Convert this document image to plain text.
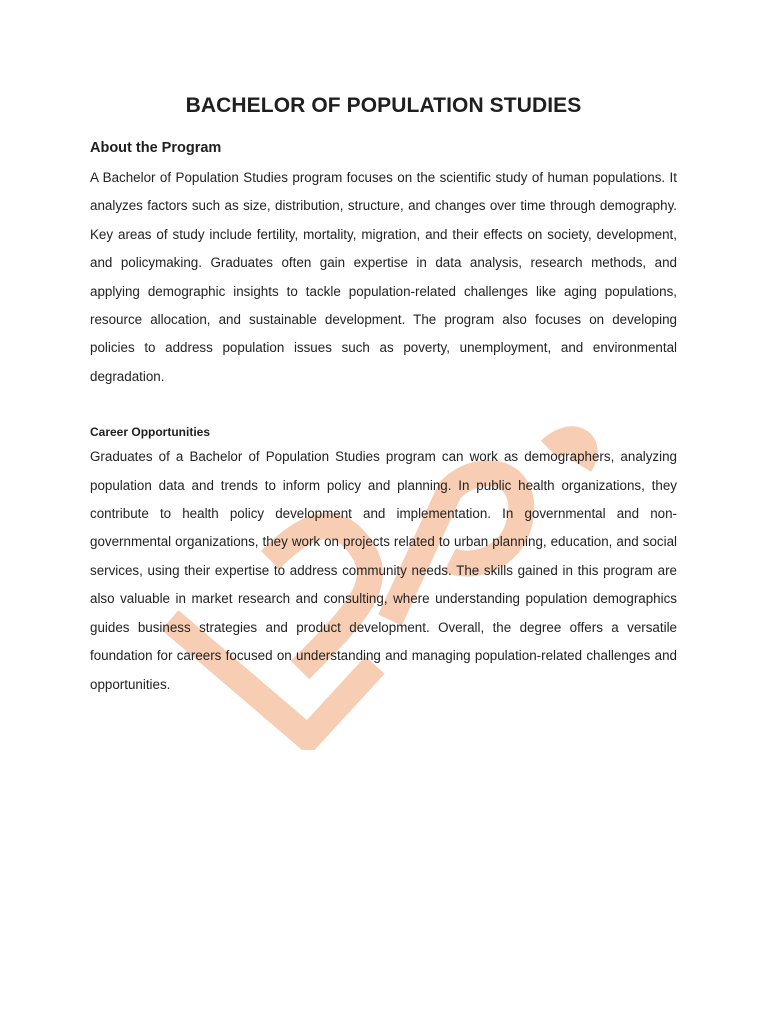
BACHELOR OF POPULATION STUDIES
About the Program

A Bachelor of Population Studies program focuses on the scientific study of human populations. It analyzes factors such as size, distribution, structure, and changes over time through demography. Key areas of study include fertility, mortality, migration, and their effects on society, development, and policymaking. Graduates often gain expertise in data analysis, research methods, and applying demographic insights to tackle population-related challenges like aging populations, resource allocation, and sustainable development. The program also focuses on developing policies to address population issues such as poverty, unemployment, and environmental degradation.

Career Opportunities

Graduates of a Bachelor of Population Studies program can work as demographers, analyzing population data and trends to inform policy and planning. In public health organizations, they contribute to health policy development and implementation. In governmental and non-governmental organizations, they work on projects related to urban planning, education, and social services, using their expertise to address community needs. The skills gained in this program are also valuable in market research and consulting, where understanding population demographics guides business strategies and product development. Overall, the degree offers a versatile foundation for careers focused on understanding and managing population-related challenges and opportunities.
